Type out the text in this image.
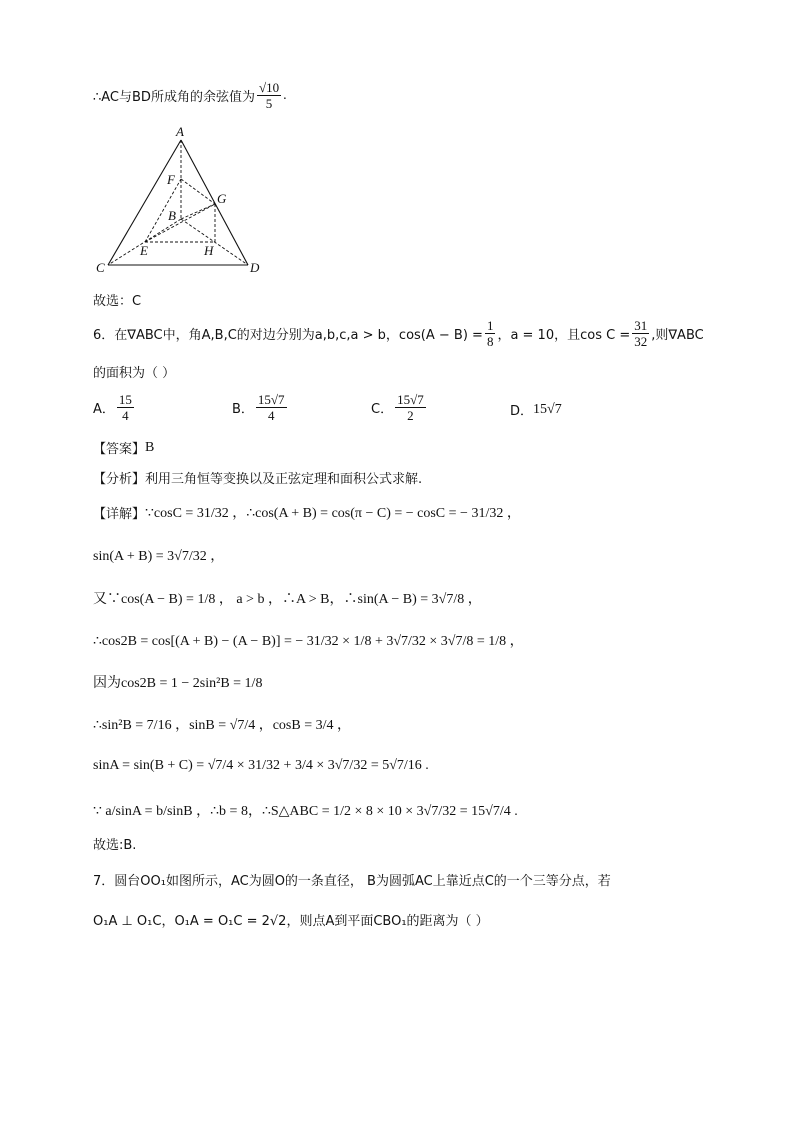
∴AC与BD所成角的余弦值为 $\frac{√10}{5}$ .
A
F
G
B
E	H
C	D
故选：C
6．在∇ABC中，角A,B,C的对边分别为a,b,c,a > b，$\cos(A - B) = \frac{1}{8}$ ，a = 10，且$\cos C = \frac{31}{32}$ ,则∇ABC
的面积为（ ）
A． $\frac{15}{4}$	B． $\frac{15√7}{4}$	C． $\frac{15√7}{2}$	D． 15√7
【答案】 B
【分析】 利用三角恒等变换以及正弦定理和面积公式求解.
【详解】 ∵cosC = 31/32 ，∴cos(A + B) = cos(π − C) = − cosC = − 31/32 ，
sin(A + B) = 3√7/32 ，
又∵cos(A − B) = 1/8 ， a > b ，∴A > B，∴sin(A − B) = 3√7/8 ，
∴cos2B = cos[(A + B) − (A − B)] = − 31/32 × 1/8 + 3√7/32 × 3√7/8 = 1/8 ，
因为cos2B = 1 − 2sin²B = 1/8
∴sin²B = 7/16 ，sinB = √7/4 ，cosB = 3/4 ，
sinA = sin(B + C) = √7/4 × 31/32 + 3/4 × 3√7/32 = 5√7/16 .
∵ a/sinA = b/sinB ，∴b = 8，∴S△ABC = 1/2 × 8 × 10 × 3√7/32 = 15√7/4 .
故选:B.
7．圆台OO₁如图所示，AC为圆O的一条直径， B为圆弧AC上靠近点C的一个三等分点，若
O₁A ⊥ O₁C，O₁A = O₁C = 2√2，则点A到平面CBO₁的距离为（ ）
